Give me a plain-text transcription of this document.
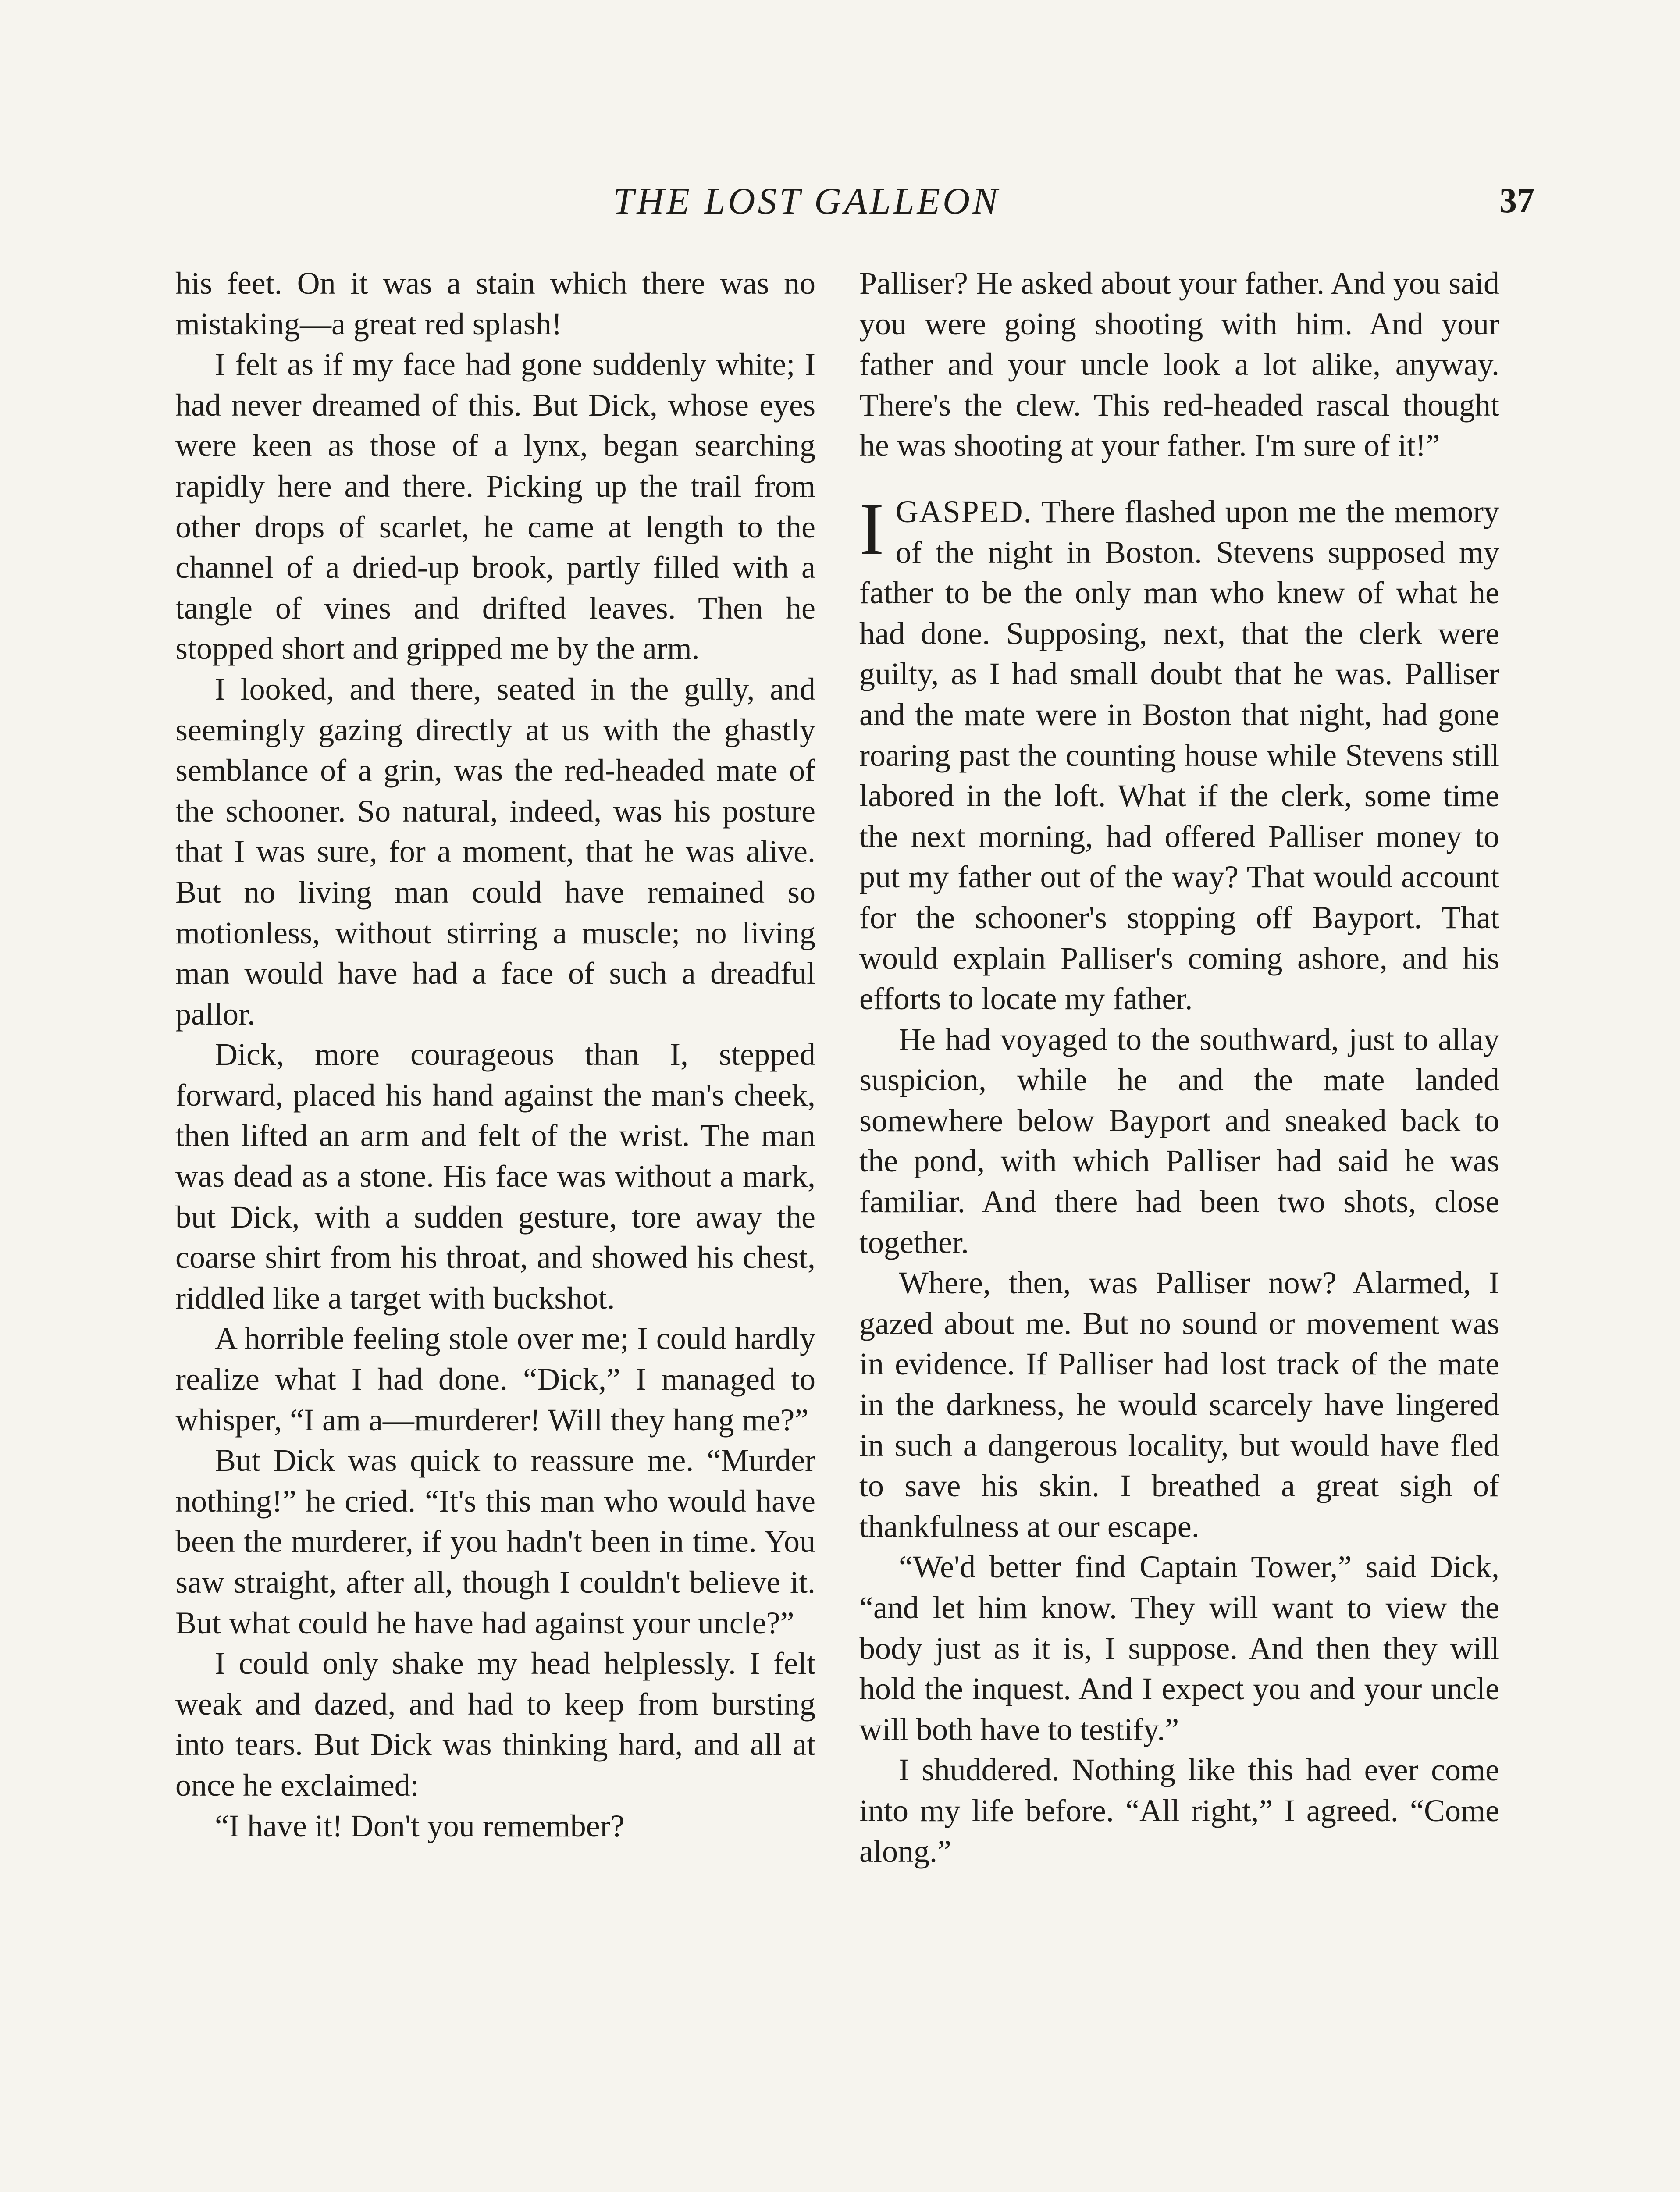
THE LOST GALLEON	37

his feet. On it was a stain which there was no mistaking—a great red splash!

I felt as if my face had gone suddenly white; I had never dreamed of this. But Dick, whose eyes were keen as those of a lynx, began searching rapidly here and there. Picking up the trail from other drops of scarlet, he came at length to the channel of a dried-up brook, partly filled with a tangle of vines and drifted leaves. Then he stopped short and gripped me by the arm.

I looked, and there, seated in the gully, and seemingly gazing directly at us with the ghastly semblance of a grin, was the red-headed mate of the schooner. So natural, indeed, was his posture that I was sure, for a moment, that he was alive. But no living man could have remained so motionless, without stirring a muscle; no living man would have had a face of such a dreadful pallor.

Dick, more courageous than I, stepped forward, placed his hand against the man's cheek, then lifted an arm and felt of the wrist. The man was dead as a stone. His face was without a mark, but Dick, with a sudden gesture, tore away the coarse shirt from his throat, and showed his chest, riddled like a target with buckshot.

A horrible feeling stole over me; I could hardly realize what I had done. “Dick,” I managed to whisper, “I am a—murderer! Will they hang me?”

But Dick was quick to reassure me. “Murder nothing!” he cried. “It's this man who would have been the murderer, if you hadn't been in time. You saw straight, after all, though I couldn't believe it. But what could he have had against your uncle?”

I could only shake my head helplessly. I felt weak and dazed, and had to keep from bursting into tears. But Dick was thinking hard, and all at once he exclaimed:

“I have it! Don't you remember?

Palliser? He asked about your father. And you said you were going shooting with him. And your father and your uncle look a lot alike, anyway. There's the clew. This red-headed rascal thought he was shooting at your father. I'm sure of it!”

IGASPED. There flashed upon me the memory of the night in Boston. Stevens supposed my father to be the only man who knew of what he had done. Supposing, next, that the clerk were guilty, as I had small doubt that he was. Palliser and the mate were in Boston that night, had gone roaring past the counting house while Stevens still labored in the loft. What if the clerk, some time the next morning, had offered Palliser money to put my father out of the way? That would account for the schooner's stopping off Bayport. That would explain Palliser's coming ashore, and his efforts to locate my father.

He had voyaged to the southward, just to allay suspicion, while he and the mate landed somewhere below Bayport and sneaked back to the pond, with which Palliser had said he was familiar. And there had been two shots, close together.

Where, then, was Palliser now? Alarmed, I gazed about me. But no sound or movement was in evidence. If Palliser had lost track of the mate in the darkness, he would scarcely have lingered in such a dangerous locality, but would have fled to save his skin. I breathed a great sigh of thankfulness at our escape.

“We'd better find Captain Tower,” said Dick, “and let him know. They will want to view the body just as it is, I suppose. And then they will hold the inquest. And I expect you and your uncle will both have to testify.”

I shuddered. Nothing like this had ever come into my life before. “All right,” I agreed. “Come along.”
